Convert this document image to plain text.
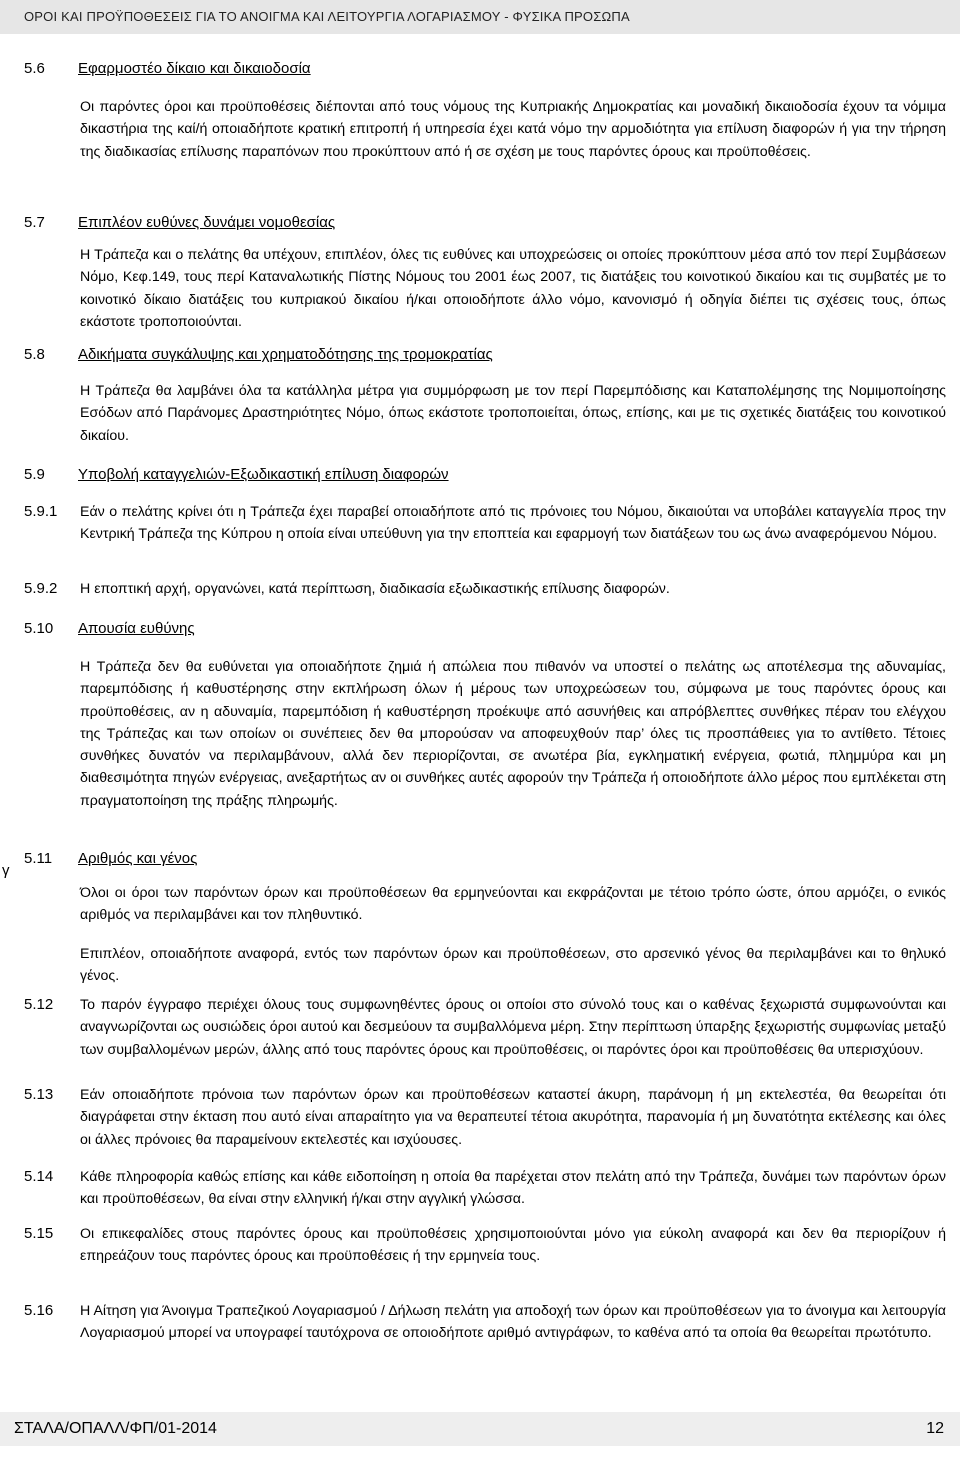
ΟΡΟΙ ΚΑΙ ΠΡΟΫΠΟΘΕΣΕΙΣ ΓΙΑ ΤΟ ΑΝΟΙΓΜΑ ΚΑΙ ΛΕΙΤΟΥΡΓΙΑ ΛΟΓΑΡΙΑΣΜΟΥ - ΦΥΣΙΚΑ ΠΡΟΣΩΠΑ
5.6 Εφαρμοστέο δίκαιο και δικαιοδοσία

Οι παρόντες όροι και προϋποθέσεις διέπονται από τους νόμους της Κυπριακής Δημοκρατίας και μοναδική δικαιοδοσία έχουν τα νόμιμα δικαστήρια της καί/ή οποιαδήποτε κρατική επιτροπή ή υπηρεσία έχει κατά νόμο την αρμοδιότητα για επίλυση διαφορών ή για την τήρηση της διαδικασίας επίλυσης παραπόνων που προκύπτουν από ή σε σχέση με τους παρόντες όρους και προϋποθέσεις.

5.7 Επιπλέον ευθύνες δυνάμει νομοθεσίας

Η Τράπεζα και ο πελάτης θα υπέχουν, επιπλέον, όλες τις ευθύνες και υποχρεώσεις οι οποίες προκύπτουν μέσα από τον περί Συμβάσεων Νόμο, Κεφ.149, τους περί Καταναλωτικής Πίστης Νόμους του 2001 έως 2007, τις διατάξεις του κοινοτικού δικαίου και τις συμβατές με το κοινοτικό δίκαιο διατάξεις του κυπριακού δικαίου ή/και οποιοδήποτε άλλο νόμο, κανονισμό ή οδηγία διέπει τις σχέσεις τους, όπως εκάστοτε τροποποιούνται.

5.8 Αδικήματα συγκάλυψης και χρηματοδότησης της τρομοκρατίας

Η Τράπεζα θα λαμβάνει όλα τα κατάλληλα μέτρα για συμμόρφωση με τον περί Παρεμπόδισης και Καταπολέμησης της Νομιμοποίησης Εσόδων από Παράνομες Δραστηριότητες Νόμο, όπως εκάστοτε τροποποιείται, όπως, επίσης, και με τις σχετικές διατάξεις του κοινοτικού δικαίου.

5.9 Υποβολή καταγγελιών-Εξωδικαστική επίλυση διαφορών
5.9.1 Εάν ο πελάτης κρίνει ότι η Τράπεζα έχει παραβεί οποιαδήποτε από τις πρόνοιες του Νόμου, δικαιούται να υποβάλει καταγγελία προς την Κεντρική Τράπεζα της Κύπρου η οποία είναι υπεύθυνη για την εποπτεία και εφαρμογή των διατάξεων του ως άνω αναφερόμενου Νόμου.

5.9.2 Η εποπτική αρχή, οργανώνει, κατά περίπτωση, διαδικασία εξωδικαστικής επίλυσης διαφορών.

5.10 Απουσία ευθύνης

Η Τράπεζα δεν θα ευθύνεται για οποιαδήποτε ζημιά ή απώλεια που πιθανόν να υποστεί ο πελάτης ως αποτέλεσμα της αδυναμίας, παρεμπόδισης ή καθυστέρησης στην εκπλήρωση όλων ή μέρους των υποχρεώσεων του, σύμφωνα με τους παρόντες όρους και προϋποθέσεις, αν η αδυναμία, παρεμπόδιση ή καθυστέρηση προέκυψε από ασυνήθεις και απρόβλεπτες συνθήκες πέραν του ελέγχου της Τράπεζας και των οποίων οι συνέπειες δεν θα μπορούσαν να αποφευχθούν παρ’ όλες τις προσπάθειες για το αντίθετο. Τέτοιες συνθήκες δυνατόν να περιλαμβάνουν, αλλά δεν περιορίζονται, σε ανωτέρα βία, εγκληματική ενέργεια, φωτιά, πλημμύρα και μη διαθεσιμότητα πηγών ενέργειας, ανεξαρτήτως αν οι συνθήκες αυτές αφορούν την Τράπεζα ή οποιοδήποτε άλλο μέρος που εμπλέκεται στη πραγματοποίηση της πράξης πληρωμής.

γ
5.11 Αριθμός και γένος

Όλοι οι όροι των παρόντων όρων και προϋποθέσεων θα ερμηνεύονται και εκφράζονται με τέτοιο τρόπο ώστε, όπου αρμόζει, ο ενικός αριθμός να περιλαμβάνει και τον πληθυντικό.

Επιπλέον, οποιαδήποτε αναφορά, εντός των παρόντων όρων και προϋποθέσεων, στο αρσενικό γένος θα περιλαμβάνει και το θηλυκό γένος.

5.12 Το παρόν έγγραφο περιέχει όλους τους συμφωνηθέντες όρους οι οποίοι στο σύνολό τους και ο καθένας ξεχωριστά συμφωνούνται και αναγνωρίζονται ως ουσιώδεις όροι αυτού και δεσμεύουν τα συμβαλλόμενα μέρη. Στην περίπτωση ύπαρξης ξεχωριστής συμφωνίας μεταξύ των συμβαλλομένων μερών, άλλης από τους παρόντες όρους και προϋποθέσεις, οι παρόντες όροι και προϋποθέσεις θα υπερισχύουν.

5.13 Εάν οποιαδήποτε πρόνοια των παρόντων όρων και προϋποθέσεων καταστεί άκυρη, παράνομη ή μη εκτελεστέα, θα θεωρείται ότι διαγράφεται στην έκταση που αυτό είναι απαραίτητο για να θεραπευτεί τέτοια ακυρότητα, παρανομία ή μη δυνατότητα εκτέλεσης και όλες οι άλλες πρόνοιες θα παραμείνουν εκτελεστές και ισχύουσες.

5.14 Κάθε πληροφορία καθώς επίσης και κάθε ειδοποίηση η οποία θα παρέχεται στον πελάτη από την Τράπεζα, δυνάμει των παρόντων όρων και προϋποθέσεων, θα είναι στην ελληνική ή/και στην αγγλική γλώσσα.

5.15 Οι επικεφαλίδες στους παρόντες όρους και προϋποθέσεις χρησιμοποιούνται μόνο για εύκολη αναφορά και δεν θα περιορίζουν ή επηρεάζουν τους παρόντες όρους και προϋποθέσεις ή την ερμηνεία τους.

5.16 Η Αίτηση για Άνοιγμα Τραπεζικού Λογαριασμού / Δήλωση πελάτη για αποδοχή των όρων και προϋποθέσεων για το άνοιγμα και λειτουργία Λογαριασμού μπορεί να υπογραφεί ταυτόχρονα σε οποιοδήποτε αριθμό αντιγράφων, το καθένα από τα οποία θα θεωρείται πρωτότυπο.

ΣΤΑΛΑ/ΟΠΑΛΛ/ΦΠ/01-2014	12
